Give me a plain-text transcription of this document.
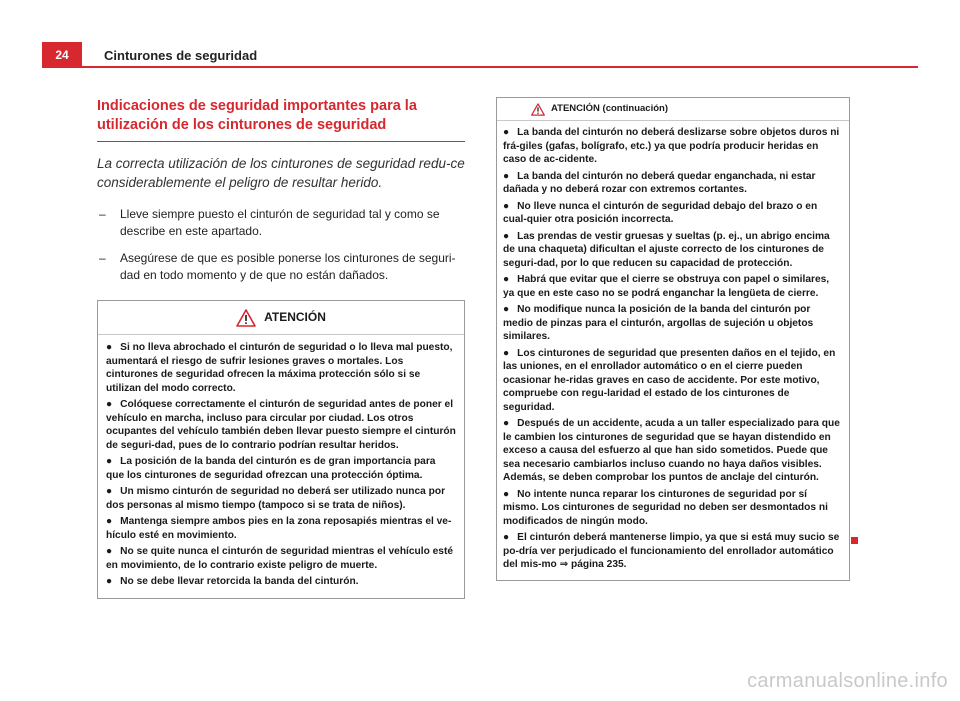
24	Cinturones de seguridad
Indicaciones de seguridad importantes para la utilización de los cinturones de seguridad

La correcta utilización de los cinturones de seguridad redu-ce considerablemente el peligro de resultar herido.

– Lleve siempre puesto el cinturón de seguridad tal y como se describe en este apartado.
– Asegúrese de que es posible ponerse los cinturones de seguri-dad en todo momento y de que no están dañados.
ATENCIÓN
● Si no lleva abrochado el cinturón de seguridad o lo lleva mal puesto, aumentará el riesgo de sufrir lesiones graves o mortales. Los cinturones de seguridad ofrecen la máxima protección sólo si se utilizan del modo correcto.
● Colóquese correctamente el cinturón de seguridad antes de poner el vehículo en marcha, incluso para circular por ciudad. Los otros ocupantes del vehículo también deben llevar puesto siempre el cinturón de seguri-dad, pues de lo contrario podrían resultar heridos.
● La posición de la banda del cinturón es de gran importancia para que los cinturones de seguridad ofrezcan una protección óptima.
● Un mismo cinturón de seguridad no deberá ser utilizado nunca por dos personas al mismo tiempo (tampoco si se trata de niños).
● Mantenga siempre ambos pies en la zona reposapiés mientras el ve-hículo esté en movimiento.
● No se quite nunca el cinturón de seguridad mientras el vehículo esté en movimiento, de lo contrario existe peligro de muerte.
● No se debe llevar retorcida la banda del cinturón.
ATENCIÓN (continuación)
● La banda del cinturón no deberá deslizarse sobre objetos duros ni frá-giles (gafas, bolígrafo, etc.) ya que podría producir heridas en caso de ac-cidente.
● La banda del cinturón no deberá quedar enganchada, ni estar dañada y no deberá rozar con extremos cortantes.
● No lleve nunca el cinturón de seguridad debajo del brazo o en cual-quier otra posición incorrecta.
● Las prendas de vestir gruesas y sueltas (p. ej., un abrigo encima de una chaqueta) dificultan el ajuste correcto de los cinturones de seguri-dad, por lo que reducen su capacidad de protección.
● Habrá que evitar que el cierre se obstruya con papel o similares, ya que en este caso no se podrá enganchar la lengüeta de cierre.
● No modifique nunca la posición de la banda del cinturón por medio de pinzas para el cinturón, argollas de sujeción u objetos similares.
● Los cinturones de seguridad que presenten daños en el tejido, en las uniones, en el enrollador automático o en el cierre pueden ocasionar he-ridas graves en caso de accidente. Por este motivo, compruebe con regu-laridad el estado de los cinturones de seguridad.
● Después de un accidente, acuda a un taller especializado para que le cambien los cinturones de seguridad que se hayan distendido en exceso a causa del esfuerzo al que han sido sometidos. Puede que sea necesario cambiarlos incluso cuando no haya daños visibles. Además, se deben comprobar los puntos de anclaje del cinturón.
● No intente nunca reparar los cinturones de seguridad por sí mismo. Los cinturones de seguridad no deben ser desmontados ni modificados de ningún modo.
● El cinturón deberá mantenerse limpio, ya que si está muy sucio se po-dría ver perjudicado el funcionamiento del enrollador automático del mis-mo ⇒ página 235.
carmanualsonline.info
